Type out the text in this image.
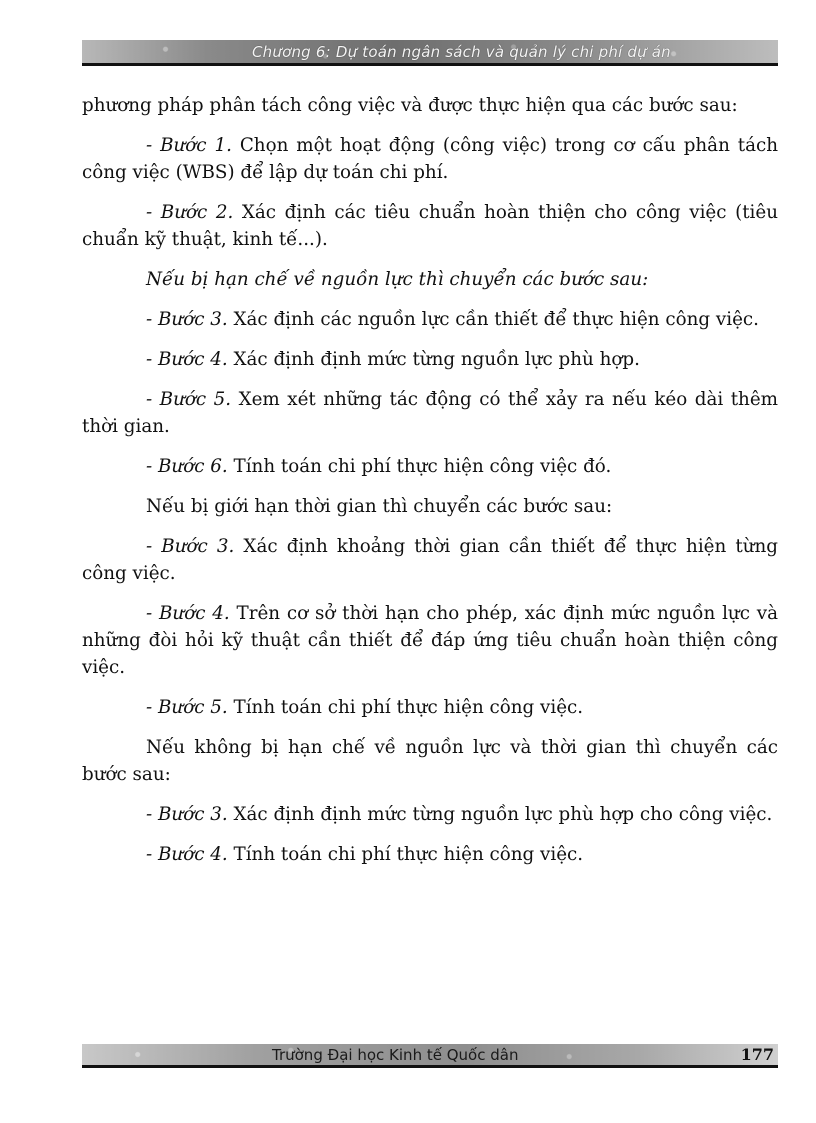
Chương 6: Dự toán ngân sách và quản lý chi phí dự án

phương pháp phân tách công việc và được thực hiện qua các bước sau:

- Bước 1. Chọn một hoạt động (công việc) trong cơ cấu phân tách công việc (WBS) để lập dự toán chi phí.

- Bước 2. Xác định các tiêu chuẩn hoàn thiện cho công việc (tiêu chuẩn kỹ thuật, kinh tế...).

Nếu bị hạn chế về nguồn lực thì chuyển các bước sau:

- Bước 3. Xác định các nguồn lực cần thiết để thực hiện công việc.

- Bước 4. Xác định định mức từng nguồn lực phù hợp.

- Bước 5. Xem xét những tác động có thể xảy ra nếu kéo dài thêm thời gian.

- Bước 6. Tính toán chi phí thực hiện công việc đó.

Nếu bị giới hạn thời gian thì chuyển các bước sau:

- Bước 3. Xác định khoảng thời gian cần thiết để thực hiện từng công việc.

- Bước 4. Trên cơ sở thời hạn cho phép, xác định mức nguồn lực và những đòi hỏi kỹ thuật cần thiết để đáp ứng tiêu chuẩn hoàn thiện công việc.

- Bước 5. Tính toán chi phí thực hiện công việc.

Nếu không bị hạn chế về nguồn lực và thời gian thì chuyển các bước sau:

- Bước 3. Xác định định mức từng nguồn lực phù hợp cho công việc.

- Bước 4. Tính toán chi phí thực hiện công việc.

Trường Đại học Kinh tế Quốc dân	177
